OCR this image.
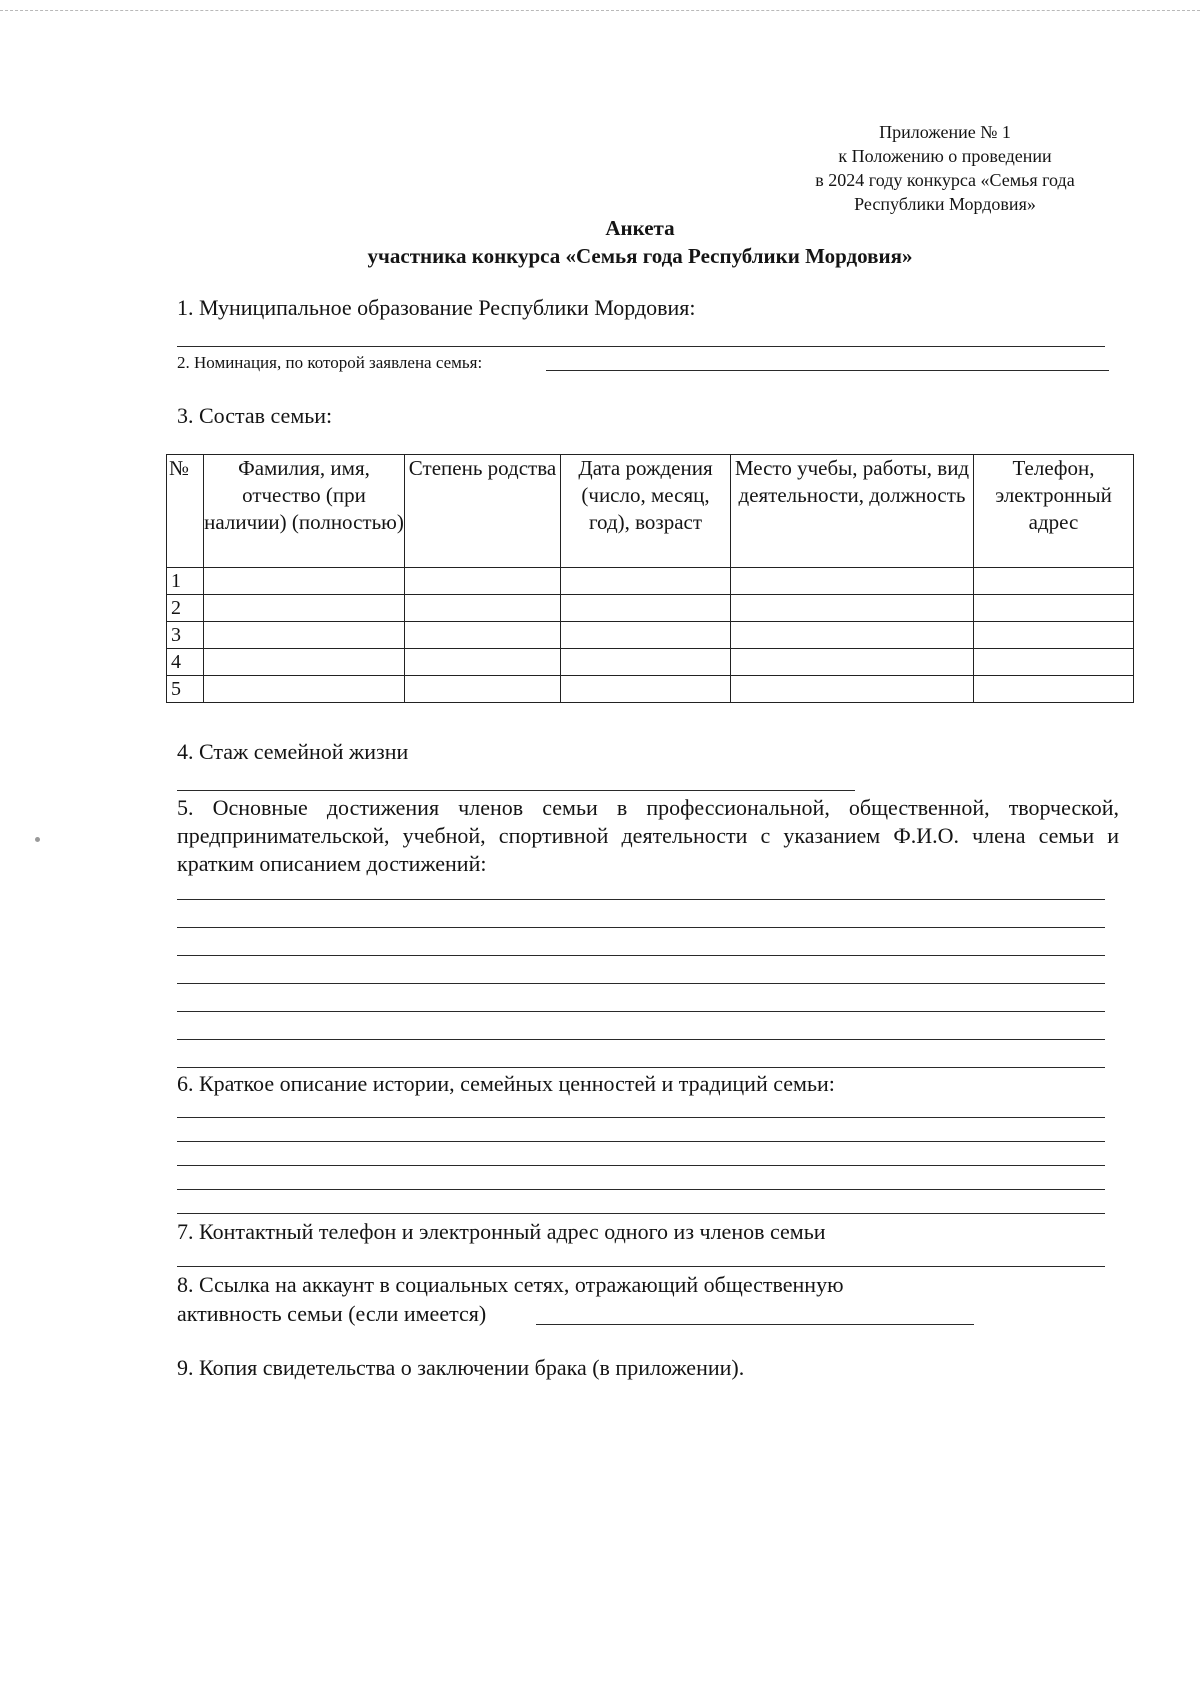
Приложение № 1
к Положению о проведении
в 2024 году конкурса «Семья года
Республики Мордовия»
Анкета
участника конкурса «Семья года Республики Мордовия»
1. Муниципальное образование Республики Мордовия:
2. Номинация, по которой заявлена семья:
3. Состав семьи:
№	Фамилия, имя, отчество (при наличии) (полностью)	Степень родства	Дата рождения (число, месяц, год), возраст	Место учебы, работы, вид деятельности, должность	Телефон, электронный адрес
1					
2					
3					
4					
5					
4. Стаж семейной жизни
5. Основные достижения членов семьи в профессиональной, общественной, творческой, предпринимательской, учебной, спортивной деятельности с указанием Ф.И.О. члена семьи и кратким описанием достижений:
6. Краткое описание истории, семейных ценностей и традиций семьи:
7. Контактный телефон и электронный адрес одного из членов семьи
8. Ссылка на аккаунт в социальных сетях, отражающий общественную
активность семьи (если имеется)
9. Копия свидетельства о заключении брака (в приложении).
